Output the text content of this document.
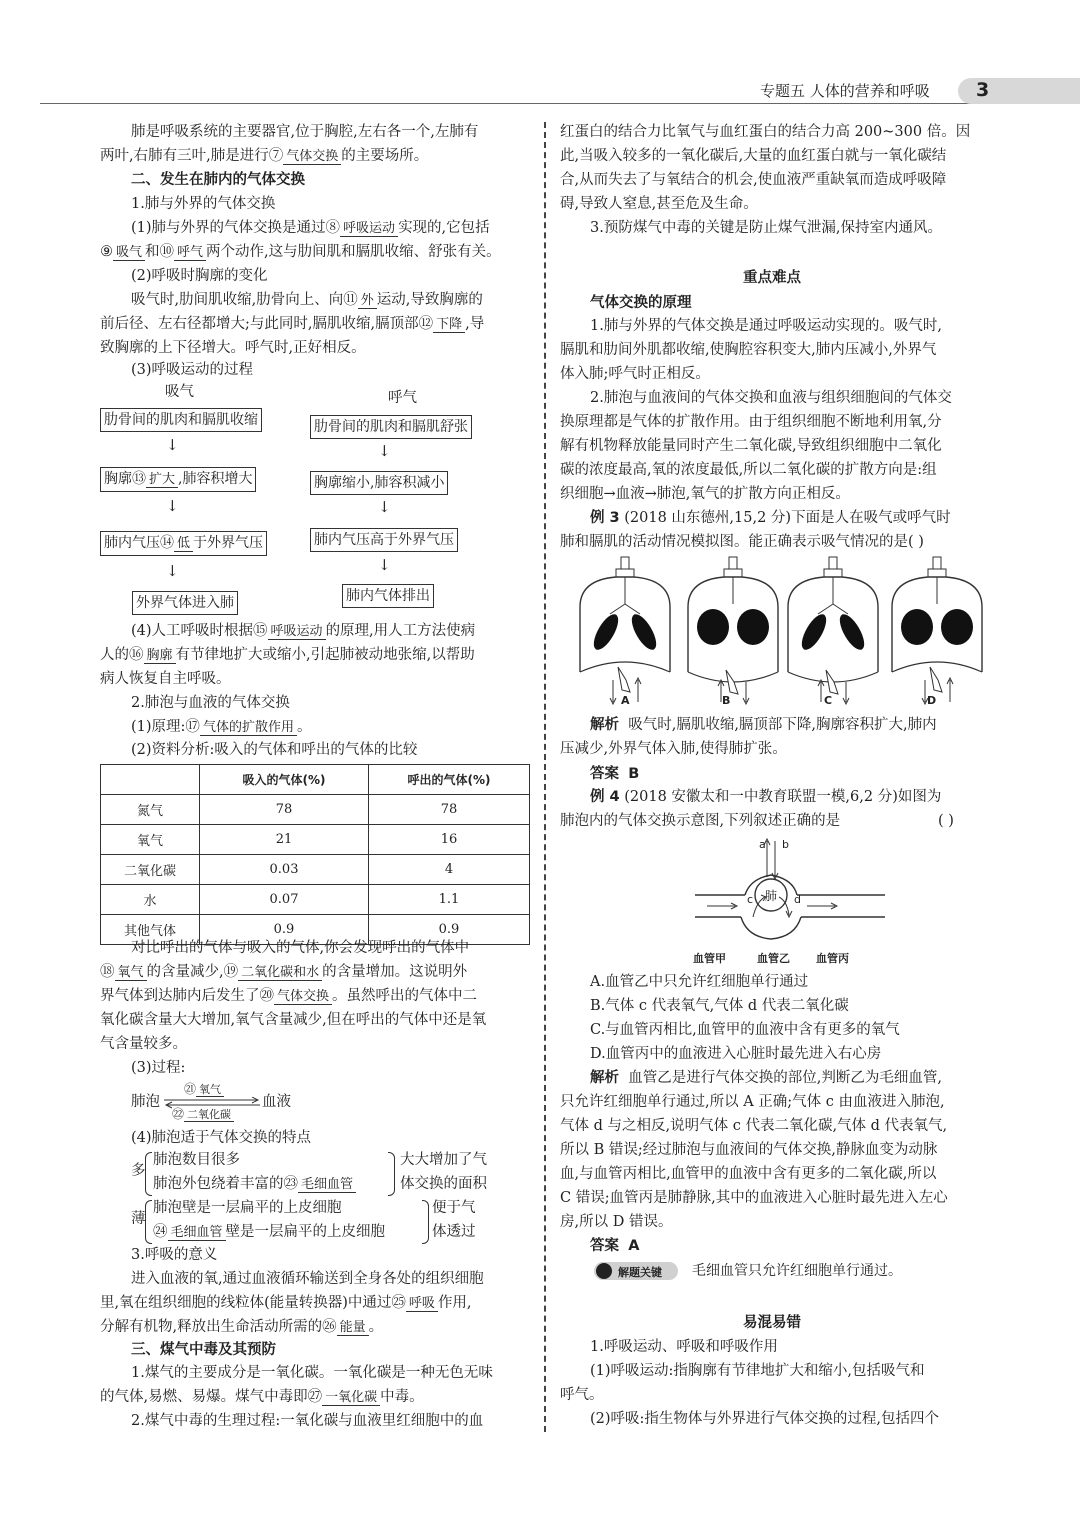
专题五 人体的营养和呼吸 3
肺是呼吸系统的主要器官,位于胸腔,左右各一个,左肺有
两叶,右肺有三叶,肺是进行⑦ 气体交换 的主要场所。
二、发生在肺内的气体交换
1.肺与外界的气体交换
(1)肺与外界的气体交换是通过⑧ 呼吸运动 实现的,它包括
⑨ 吸气 和⑩ 呼气 两个动作,这与肋间肌和膈肌收缩、舒张有关。
(2)呼吸时胸廓的变化
吸气时,肋间肌收缩,肋骨向上、向⑪ 外 运动,导致胸廓的
前后径、左右径都增大;与此同时,膈肌收缩,膈顶部⑫ 下降 ,导
致胸廓的上下径增大。呼气时,正好相反。
(3)呼吸运动的过程
吸气	呼气
肋骨间的肌肉和膈肌收缩
↓
胸廓⑬ 扩大 ,肺容积增大
↓
肺内气压⑭ 低 于外界气压
↓
外界气体进入肺
肋骨间的肌肉和膈肌舒张
↓
胸廓缩小,肺容积减小
↓
肺内气压高于外界气压
↓
肺内气体排出
(4)人工呼吸时根据⑮ 呼吸运动 的原理,用人工方法使病
人的⑯ 胸廓 有节律地扩大或缩小,引起肺被动地张缩,以帮助
病人恢复自主呼吸。
2.肺泡与血液的气体交换
(1)原理:⑰ 气体的扩散作用 。
(2)资料分析:吸入的气体和呼出的气体的比较
	吸入的气体(%)	呼出的气体(%)
氮气	78	78
氧气	21	16
二氧化碳	0.03	4
水	0.07	1.1
其他气体	0.9	0.9
对比呼出的气体与吸入的气体,你会发现呼出的气体中
⑱ 氧气 的含量减少,⑲ 二氧化碳和水 的含量增加。这说明外
界气体到达肺内后发生了⑳ 气体交换 。虽然呼出的气体中二
氧化碳含量大大增加,氧气含量减少,但在呼出的气体中还是氧
气含量较多。
(3)过程:
肺泡
㉑ 氧气
㉒ 二氧化碳
血液
(4)肺泡适于气体交换的特点
多
肺泡数目很多
肺泡外包绕着丰富的㉓ 毛细血管
大大增加了气
体交换的面积
薄
肺泡壁是一层扁平的上皮细胞
㉔ 毛细血管 壁是一层扁平的上皮细胞
便于气
体透过
3.呼吸的意义
进入血液的氧,通过血液循环输送到全身各处的组织细胞
里,氧在组织细胞的线粒体(能量转换器)中通过㉕ 呼吸 作用,
分解有机物,释放出生命活动所需的㉖ 能量 。
三、煤气中毒及其预防
1.煤气的主要成分是一氧化碳。一氧化碳是一种无色无味
的气体,易燃、易爆。煤气中毒即㉗ 一氧化碳 中毒。
2.煤气中毒的生理过程:一氧化碳与血液里红细胞中的血
红蛋白的结合力比氧气与血红蛋白的结合力高 200~300 倍。因
此,当吸入较多的一氧化碳后,大量的血红蛋白就与一氧化碳结
合,从而失去了与氧结合的机会,使血液严重缺氧而造成呼吸障
碍,导致人窒息,甚至危及生命。
3.预防煤气中毒的关键是防止煤气泄漏,保持室内通风。
重点难点
气体交换的原理
1.肺与外界的气体交换是通过呼吸运动实现的。吸气时,
膈肌和肋间外肌都收缩,使胸腔容积变大,肺内压减小,外界气
体入肺;呼气时正相反。
2.肺泡与血液间的气体交换和血液与组织细胞间的气体交
换原理都是气体的扩散作用。由于组织细胞不断地利用氧,分
解有机物释放能量同时产生二氧化碳,导致组织细胞中二氧化
碳的浓度最高,氧的浓度最低,所以二氧化碳的扩散方向是:组
织细胞→血液→肺泡,氧气的扩散方向正相反。
例 3 (2018 山东德州,15,2 分)下面是人在吸气或呼气时
肺和膈肌的活动情况模拟图。能正确表示吸气情况的是( )
A	B	C	D
解析 吸气时,膈肌收缩,膈顶部下降,胸廓容积扩大,肺内
压减少,外界气体入肺,使得肺扩张。
答案 B
例 4 (2018 安徽太和一中教育联盟一模,6,2 分)如图为
肺泡内的气体交换示意图,下列叙述正确的是	( )
a b
肺
c	d
血管甲	血管乙 血管丙
A.血管乙中只允许红细胞单行通过
B.气体 c 代表氧气,气体 d 代表二氧化碳
C.与血管丙相比,血管甲的血液中含有更多的氧气
D.血管丙中的血液进入心脏时最先进入右心房
解析 血管乙是进行气体交换的部位,判断乙为毛细血管,
只允许红细胞单行通过,所以 A 正确;气体 c 由血液进入肺泡,
气体 d 与之相反,说明气体 c 代表二氧化碳,气体 d 代表氧气,
所以 B 错误;经过肺泡与血液间的气体交换,静脉血变为动脉
血,与血管丙相比,血管甲的血液中含有更多的二氧化碳,所以
C 错误;血管丙是肺静脉,其中的血液进入心脏时最先进入左心
房,所以 D 错误。
答案 A
解题关键 毛细血管只允许红细胞单行通过。
易混易错
1.呼吸运动、呼吸和呼吸作用
(1)呼吸运动:指胸廓有节律地扩大和缩小,包括吸气和
呼气。
(2)呼吸:指生物体与外界进行气体交换的过程,包括四个
